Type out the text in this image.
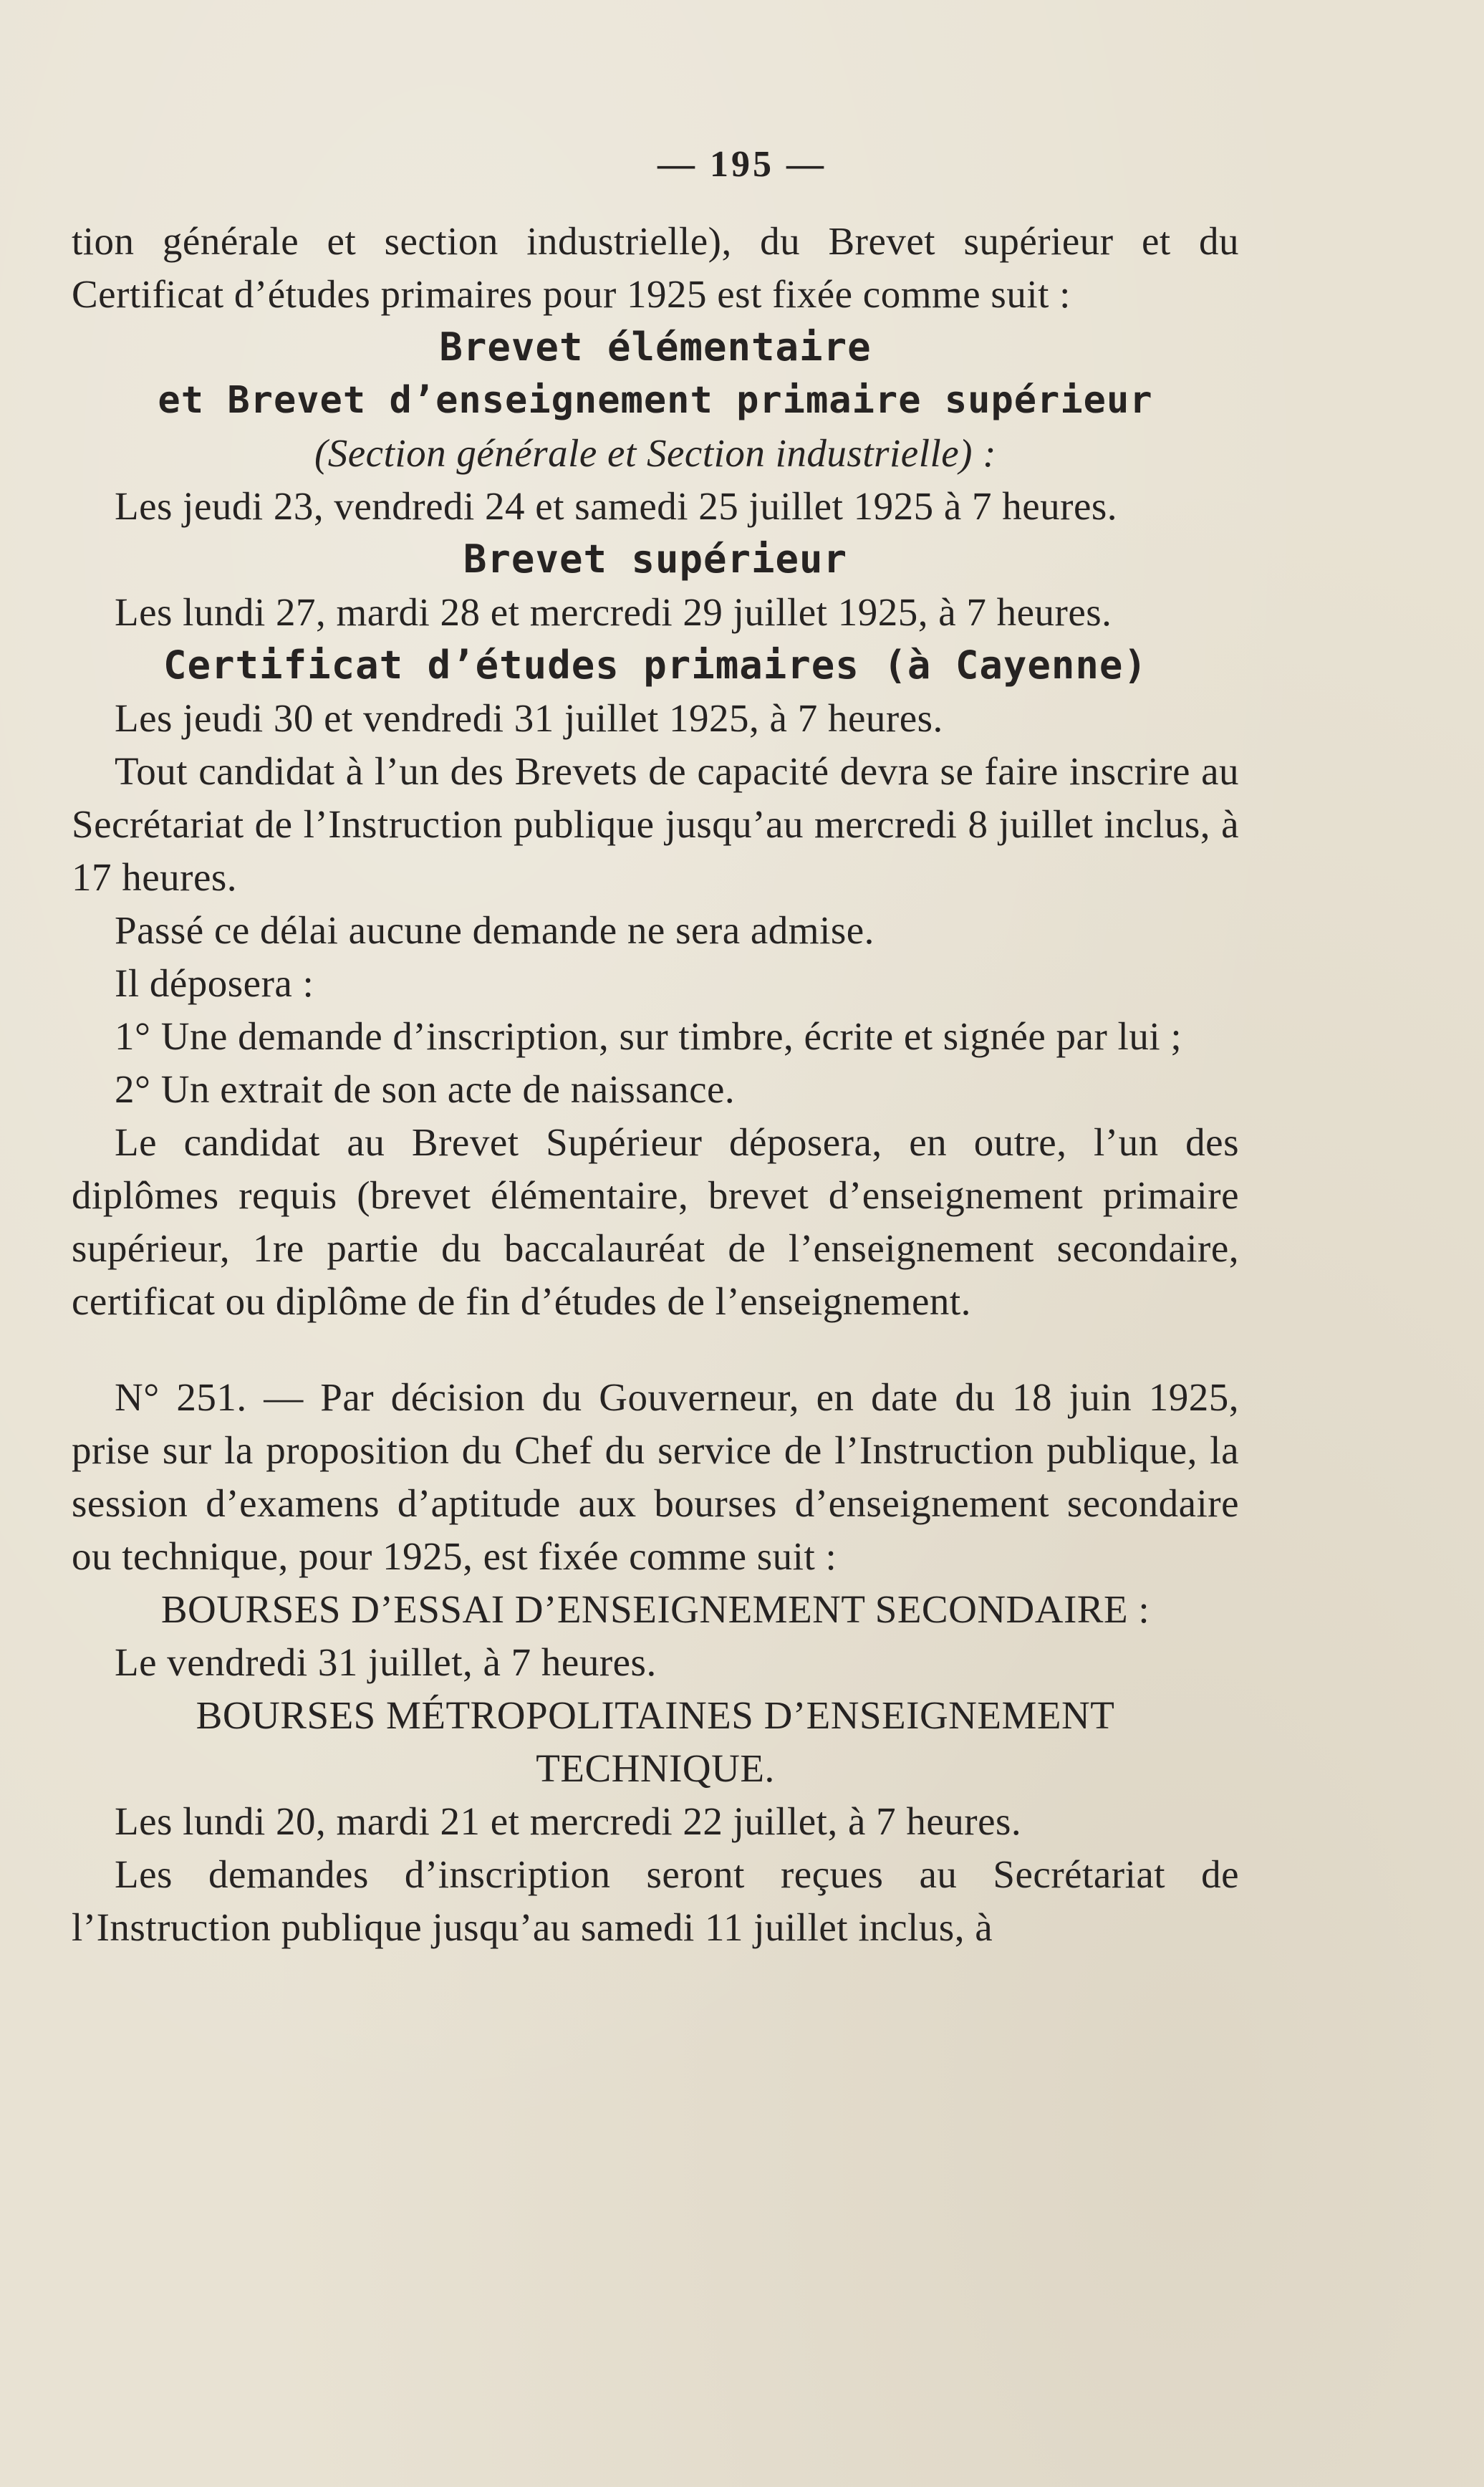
— 195 —

tion générale et section industrielle), du Brevet supérieur et du Certificat d’études primaires pour 1925 est fixée comme suit :

Brevet élémentaire

et Brevet d’enseignement primaire supérieur

(Section générale et Section industrielle) :

Les jeudi 23, vendredi 24 et samedi 25 juillet 1925 à 7 heures.

Brevet supérieur

Les lundi 27, mardi 28 et mercredi 29 juillet 1925, à 7 heures.

Certificat d’études primaires (à Cayenne)

Les jeudi 30 et vendredi 31 juillet 1925, à 7 heures.

Tout candidat à l’un des Brevets de capacité devra se faire inscrire au Secrétariat de l’Instruction publique jusqu’au mercredi 8 juillet inclus, à 17 heures.

Passé ce délai aucune demande ne sera admise.

Il déposera :

1° Une demande d’inscription, sur timbre, écrite et signée par lui ;

2° Un extrait de son acte de naissance.

Le candidat au Brevet Supérieur déposera, en outre, l’un des diplômes requis (brevet élémentaire, brevet d’enseignement primaire supérieur, 1re partie du baccalauréat de l’enseignement secondaire, certificat ou diplôme de fin d’études de l’enseignement.

N° 251. — Par décision du Gouverneur, en date du 18 juin 1925, prise sur la proposition du Chef du service de l’Instruction publique, la session d’examens d’aptitude aux bourses d’enseignement secondaire ou technique, pour 1925, est fixée comme suit :

BOURSES D’ESSAI D’ENSEIGNEMENT SECONDAIRE :

Le vendredi 31 juillet, à 7 heures.

BOURSES MÉTROPOLITAINES D’ENSEIGNEMENT

TECHNIQUE.

Les lundi 20, mardi 21 et mercredi 22 juillet, à 7 heures.

Les demandes d’inscription seront reçues au Secrétariat de l’Instruction publique jusqu’au samedi 11 juillet inclus, à
